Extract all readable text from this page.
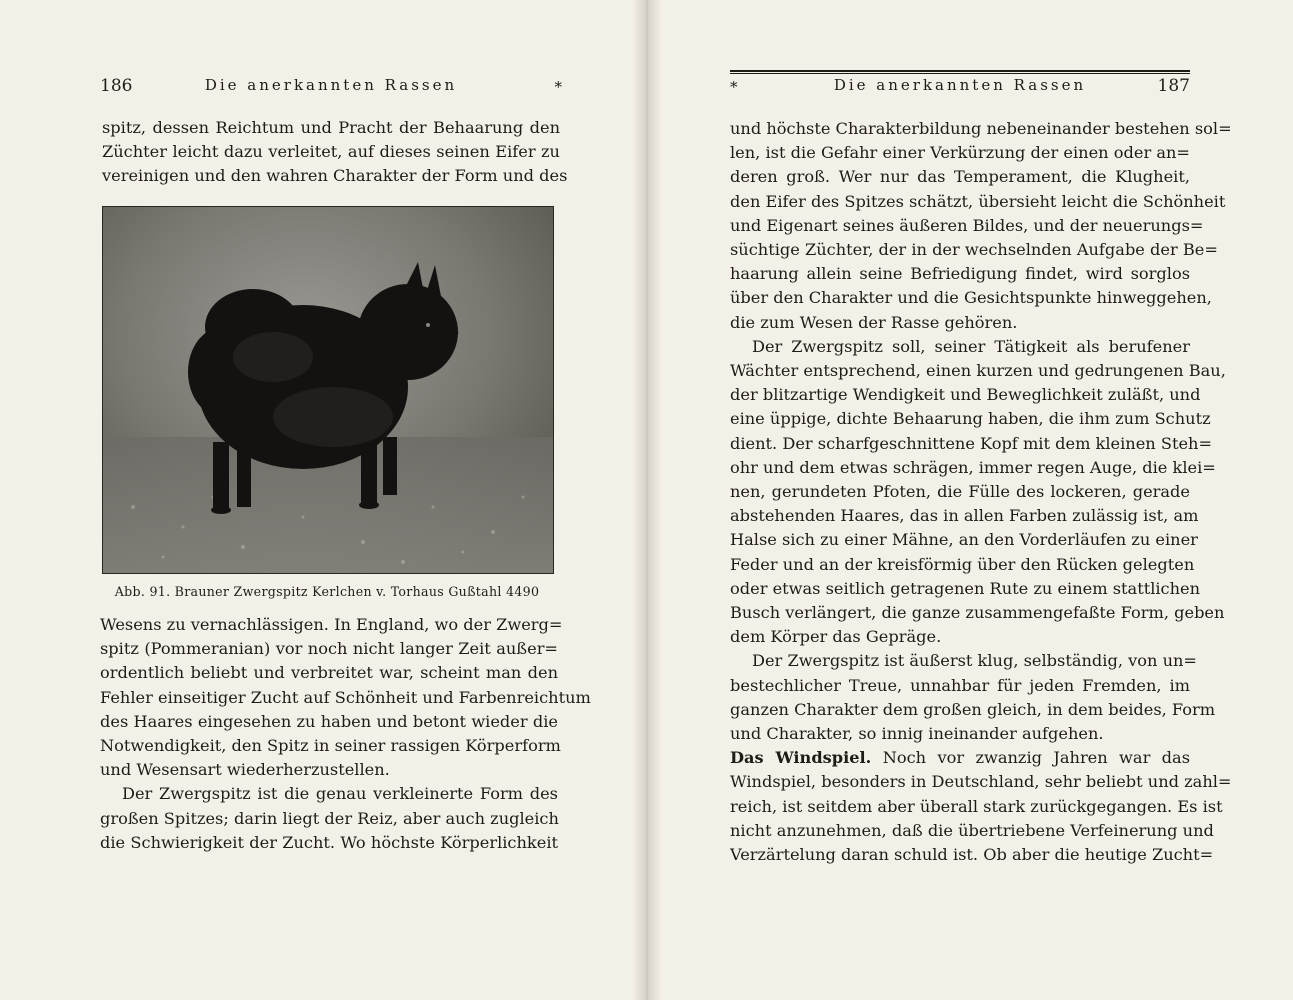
186	Die anerkannten Rassen	*
spitz, dessen Reichtum und Pracht der Behaarung den
Züchter leicht dazu verleitet, auf dieses seinen Eifer zu
vereinigen und den wahren Charakter der Form und des
Abb. 91. Brauner Zwergspitz Kerlchen v. Torhaus Gußtahl 4490
Wesens zu vernachlässigen. In England, wo der Zwerg=
spitz (Pommeranian) vor noch nicht langer Zeit außer=
ordentlich beliebt und verbreitet war, scheint man den
Fehler einseitiger Zucht auf Schönheit und Farbenreichtum
des Haares eingesehen zu haben und betont wieder die
Notwendigkeit, den Spitz in seiner rassigen Körperform
und Wesensart wiederherzustellen.
Der Zwergspitz ist die genau verkleinerte Form des
großen Spitzes; darin liegt der Reiz, aber auch zugleich
die Schwierigkeit der Zucht. Wo höchste Körperlichkeit
*	Die anerkannten Rassen	187
und höchste Charakterbildung nebeneinander bestehen sol=
len, ist die Gefahr einer Verkürzung der einen oder an=
deren groß. Wer nur das Temperament, die Klugheit,
den Eifer des Spitzes schätzt, übersieht leicht die Schönheit
und Eigenart seines äußeren Bildes, und der neuerungs=
süchtige Züchter, der in der wechselnden Aufgabe der Be=
haarung allein seine Befriedigung findet, wird sorglos
über den Charakter und die Gesichtspunkte hinweggehen,
die zum Wesen der Rasse gehören.
Der Zwergspitz soll, seiner Tätigkeit als berufener
Wächter entsprechend, einen kurzen und gedrungenen Bau,
der blitzartige Wendigkeit und Beweglichkeit zuläßt, und
eine üppige, dichte Behaarung haben, die ihm zum Schutz
dient. Der scharfgeschnittene Kopf mit dem kleinen Steh=
ohr und dem etwas schrägen, immer regen Auge, die klei=
nen, gerundeten Pfoten, die Fülle des lockeren, gerade
abstehenden Haares, das in allen Farben zulässig ist, am
Halse sich zu einer Mähne, an den Vorderläufen zu einer
Feder und an der kreisförmig über den Rücken gelegten
oder etwas seitlich getragenen Rute zu einem stattlichen
Busch verlängert, die ganze zusammengefaßte Form, geben
dem Körper das Gepräge.
Der Zwergspitz ist äußerst klug, selbständig, von un=
bestechlicher Treue, unnahbar für jeden Fremden, im
ganzen Charakter dem großen gleich, in dem beides, Form
und Charakter, so innig ineinander aufgehen.
Das Windspiel. Noch vor zwanzig Jahren war das
Windspiel, besonders in Deutschland, sehr beliebt und zahl=
reich, ist seitdem aber überall stark zurückgegangen. Es ist
nicht anzunehmen, daß die übertriebene Verfeinerung und
Verzärtelung daran schuld ist. Ob aber die heutige Zucht=
